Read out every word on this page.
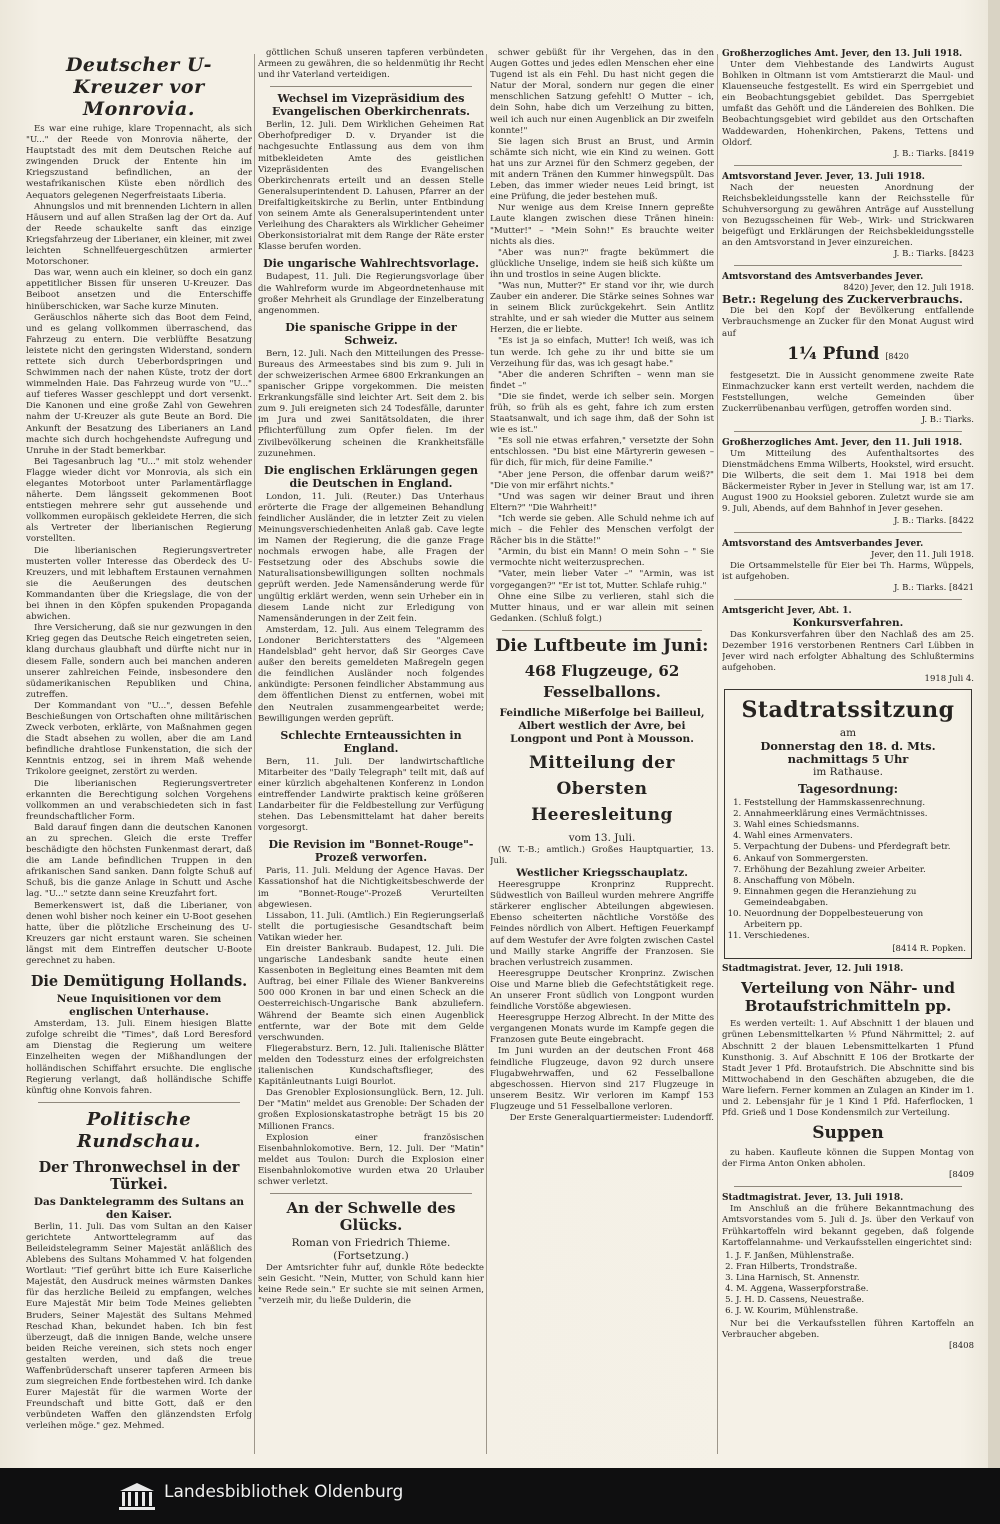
Deutscher U-Kreuzer vor Monrovia.

Es war eine ruhige, klare Tropennacht, als sich "U..." der Reede von Monrovia näherte, der Hauptstadt des mit dem Deutschen Reiche auf zwingenden Druck der Entente hin im Kriegszustand befindlichen, an der westafrikanischen Küste eben nördlich des Aequators gelegenen Negerfreistaats Liberia.

Ahnungslos und mit brennenden Lichtern in allen Häusern und auf allen Straßen lag der Ort da. Auf der Reede schaukelte sanft das einzige Kriegsfahrzeug der Liberianer, ein kleiner, mit zwei leichten Schnellfeuergeschützen armierter Motorschoner.

Das war, wenn auch ein kleiner, so doch ein ganz appetitlicher Bissen für unseren U-Kreuzer. Das Beiboot ansetzen und die Enterschiffe hinüberschicken, war Sache kurze Minuten.

Geräuschlos näherte sich das Boot dem Feind, und es gelang vollkommen überraschend, das Fahrzeug zu entern. Die verblüffte Besatzung leistete nicht den geringsten Widerstand, sondern rettete sich durch Ueberbordspringen und Schwimmen nach der nahen Küste, trotz der dort wimmelnden Haie. Das Fahrzeug wurde von "U..." auf tieferes Wasser geschleppt und dort versenkt. Die Kanonen und eine große Zahl von Gewehren nahm der U-Kreuzer als gute Beute an Bord. Die Ankunft der Besatzung des Liberianers an Land machte sich durch hochgehendste Aufregung und Unruhe in der Stadt bemerkbar.

Bei Tagesanbruch lag "U..." mit stolz wehender Flagge wieder dicht vor Monrovia, als sich ein elegantes Motorboot unter Parlamentärflagge näherte. Dem längsseit gekommenen Boot entstiegen mehrere sehr gut aussehende und vollkommen europäisch gekleidete Herren, die sich als Vertreter der liberianischen Regierung vorstellten.

Die liberianischen Regierungsvertreter musterten voller Interesse das Oberdeck des U-Kreuzers, und mit lebhaftem Erstaunen vernahmen sie die Aeußerungen des deutschen Kommandanten über die Kriegslage, die von der bei ihnen in den Köpfen spukenden Propaganda abwichen.

Ihre Versicherung, daß sie nur gezwungen in den Krieg gegen das Deutsche Reich eingetreten seien, klang durchaus glaubhaft und dürfte nicht nur in diesem Falle, sondern auch bei manchen anderen unserer zahlreichen Feinde, insbesondere den südamerikanischen Republiken und China, zutreffen.

Der Kommandant von "U...", dessen Befehle Beschießungen von Ortschaften ohne militärischen Zweck verboten, erklärte, von Maßnahmen gegen die Stadt absehen zu wollen, aber die am Land befindliche drahtlose Funkenstation, die sich der Kenntnis entzog, sei in ihrem Maß wehende Trikolore geeignet, zerstört zu werden.

Die liberianischen Regierungsvertreter erkannten die Berechtigung solchen Vorgehens vollkommen an und verabschiedeten sich in fast freundschaftlicher Form.

Bald darauf fingen dann die deutschen Kanonen an zu sprechen. Gleich die erste Treffer beschädigte den höchsten Funkenmast derart, daß die am Lande befindlichen Truppen in den afrikanischen Sand sanken. Dann folgte Schuß auf Schuß, bis die ganze Anlage in Schutt und Asche lag. "U..." setzte dann seine Kreuzfahrt fort.

Bemerkenswert ist, daß die Liberianer, von denen wohl bisher noch keiner ein U-Boot gesehen hatte, über die plötzliche Erscheinung des U-Kreuzers gar nicht erstaunt waren. Sie scheinen längst mit dem Eintreffen deutscher U-Boote gerechnet zu haben.

Die Demütigung Hollands.
Neue Inquisitionen vor dem englischen Unterhause.

Amsterdam, 13. Juli. Einem hiesigen Blatte zufolge schreibt die "Times", daß Lord Beresford am Dienstag die Regierung um weitere Einzelheiten wegen der Mißhandlungen der holländischen Schiffahrt ersuchte. Die englische Regierung verlangt, daß holländische Schiffe künftig ohne Konvois fahren.

Politische Rundschau.
Der Thronwechsel in der Türkei.
Das Danktelegramm des Sultans an den Kaiser.

Berlin, 11. Juli. Das vom Sultan an den Kaiser gerichtete Antworttelegramm auf das Beileidstelegramm Seiner Majestät anläßlich des Ablebens des Sultans Mohammed V. hat folgenden Wortlaut: "Tief gerührt bitte ich Eure Kaiserliche Majestät, den Ausdruck meines wärmsten Dankes für das herzliche Beileid zu empfangen, welches Eure Majestät Mir beim Tode Meines geliebten Bruders, Seiner Majestät des Sultans Mehmed Reschad Khan, bekundet haben. Ich bin fest überzeugt, daß die innigen Bande, welche unsere beiden Reiche vereinen, sich stets noch enger gestalten werden, und daß die treue Waffenbrüderschaft unserer tapferen Armeen bis zum siegreichen Ende fortbestehen wird. Ich danke Eurer Majestät für die warmen Worte der Freundschaft und bitte Gott, daß er den verbündeten Waffen den glänzendsten Erfolg verleihen möge." gez. Mehmed.

göttlichen Schuß unseren tapferen verbündeten Armeen zu gewähren, die so heldenmütig ihr Recht und ihr Vaterland verteidigen.

Wechsel im Vizepräsidium des Evangelischen Oberkirchenrats.

Berlin, 12. Juli. Dem Wirklichen Geheimen Rat Oberhofprediger D. v. Dryander ist die nachgesuchte Entlassung aus dem von ihm mitbekleideten Amte des geistlichen Vizepräsidenten des Evangelischen Oberkirchenrats erteilt und an dessen Stelle Generalsuperintendent D. Lahusen, Pfarrer an der Dreifaltigkeitskirche zu Berlin, unter Entbindung von seinem Amte als Generalsuperintendent unter Verleihung des Charakters als Wirklicher Geheimer Oberkonsistorialrat mit dem Range der Räte erster Klasse berufen worden.

Die ungarische Wahlrechtsvorlage.

Budapest, 11. Juli. Die Regierungsvorlage über die Wahlreform wurde im Abgeordnetenhause mit großer Mehrheit als Grundlage der Einzelberatung angenommen.

Die spanische Grippe in der Schweiz.

Bern, 12. Juli. Nach den Mitteilungen des Presse-Bureaus des Armeestabes sind bis zum 9. Juli in der schweizerischen Armee 6800 Erkrankungen an spanischer Grippe vorgekommen. Die meisten Erkrankungsfälle sind leichter Art. Seit dem 2. bis zum 9. Juli ereigneten sich 24 Todesfälle, darunter im Jura und zwei Sanitätsoldaten, die ihrer Pflichterfüllung zum Opfer fielen. Im der Zivilbevölkerung scheinen die Krankheitsfälle zuzunehmen.

Die englischen Erklärungen gegen die Deutschen in England.

London, 11. Juli. (Reuter.) Das Unterhaus erörterte die Frage der allgemeinen Behandlung feindlicher Ausländer, die in letzter Zeit zu vielen Meinungsverschiedenheiten Anlaß gab. Cave legte im Namen der Regierung, die die ganze Frage nochmals erwogen habe, alle Fragen der Festsetzung oder des Abschubs sowie die Naturalisationsbewilligungen sollten nochmals geprüft werden. Jede Namensänderung werde für ungültig erklärt werden, wenn sein Urheber ein in diesem Lande nicht zur Erledigung von Namensänderungen in der Zeit fein.

Amsterdam, 12. Juli. Aus einem Telegramm des Londoner Berichterstatters des "Algemeen Handelsblad" geht hervor, daß Sir Georges Cave außer den bereits gemeldeten Maßregeln gegen die feindlichen Ausländer noch folgendes ankündigte: Personen feindlicher Abstammung aus dem öffentlichen Dienst zu entfernen, wobei mit den Neutralen zusammengearbeitet werde; Bewilligungen werden geprüft.

Schlechte Ernteaussichten in England.

Bern, 11. Juli. Der landwirtschaftliche Mitarbeiter des "Daily Telegraph" teilt mit, daß auf einer kürzlich abgehaltenen Konferenz in London eintreffender Landwirte praktisch keine größeren Landarbeiter für die Feldbestellung zur Verfügung stehen. Das Lebensmittelamt hat daher bereits vorgesorgt.

Die Revision im "Bonnet-Rouge"-Prozeß verworfen.

Paris, 11. Juli. Meldung der Agence Havas. Der Kassationshof hat die Nichtigkeitsbeschwerde der im "Bonnet-Rouge"-Prozeß Verurteilten abgewiesen.

Lissabon, 11. Juli. (Amtlich.) Ein Regierungserlaß stellt die portugiesische Gesandtschaft beim Vatikan wieder her.

Ein dreister Bankraub. Budapest, 12. Juli. Die ungarische Landesbank sandte heute einen Kassenboten in Begleitung eines Beamten mit dem Auftrag, bei einer Filiale des Wiener Bankvereins 500 000 Kronen in bar und einen Scheck an die Oesterreichisch-Ungarische Bank abzuliefern. Während der Beamte sich einen Augenblick entfernte, war der Bote mit dem Gelde verschwunden.

Fliegerabsturz. Bern, 12. Juli. Italienische Blätter melden den Todessturz eines der erfolgreichsten italienischen Kundschaftsflieger, des Kapitänleutnants Luigi Bourlot.

Das Grenobler Explosionsunglück. Bern, 12. Juli. Der "Matin" meldet aus Grenoble: Der Schaden der großen Explosionskatastrophe beträgt 15 bis 20 Millionen Francs.

Explosion einer französischen Eisenbahnlokomotive. Bern, 12. Juli. Der "Matin" meldet aus Toulon: Durch die Explosion einer Eisenbahnlokomotive wurden etwa 20 Urlauber schwer verletzt.

An der Schwelle des Glücks.
Roman von Friedrich Thieme. (Fortsetzung.)

Der Amtsrichter fuhr auf, dunkle Röte bedeckte sein Gesicht. "Nein, Mutter, von Schuld kann hier keine Rede sein." Er suchte sie mit seinen Armen, "verzeih mir, du ließe Dulderin, die

schwer gebüßt für ihr Vergehen, das in den Augen Gottes und jedes edlen Menschen eher eine Tugend ist als ein Fehl. Du hast nicht gegen die Natur der Moral, sondern nur gegen die einer menschlichen Satzung gefehlt! O Mutter – ich, dein Sohn, habe dich um Verzeihung zu bitten, weil ich auch nur einen Augenblick an Dir zweifeln konnte!"

Sie lagen sich Brust an Brust, und Armin schämte sich nicht, wie ein Kind zu weinen. Gott hat uns zur Arznei für den Schmerz gegeben, der mit andern Tränen den Kummer hinwegspült. Das Leben, das immer wieder neues Leid bringt, ist eine Prüfung, die jeder bestehen muß.

Nur wenige aus dem Kreise Innern gepreßte Laute klangen zwischen diese Tränen hinein: "Mutter!" – "Mein Sohn!" Es brauchte weiter nichts als dies.

"Aber was nun?" fragte bekümmert die glückliche Unselige, indem sie heiß sich küßte um ihn und trostlos in seine Augen blickte.

"Was nun, Mutter?" Er stand vor ihr, wie durch Zauber ein anderer. Die Stärke seines Sohnes war in seinem Blick zurückgekehrt. Sein Antlitz strahlte, und er sah wieder die Mutter aus seinem Herzen, die er liebte.

"Es ist ja so einfach, Mutter! Ich weiß, was ich tun werde. Ich gehe zu ihr und bitte sie um Verzeihung für das, was ich gesagt habe."

"Aber die anderen Schriften – wenn man sie findet –"

"Die sie findet, werde ich selber sein. Morgen früh, so früh als es geht, fahre ich zum ersten Staatsanwalt, und ich sage ihm, daß der Sohn ist wie es ist."

"Es soll nie etwas erfahren," versetzte der Sohn entschlossen. "Du bist eine Märtyrerin gewesen – für dich, für mich, für deine Familie."

"Aber jene Person, die offenbar darum weiß?" "Die von mir erfährt nichts."

"Und was sagen wir deiner Braut und ihren Eltern?" "Die Wahrheit!"

"Ich werde sie geben. Alle Schuld nehme ich auf mich – die Fehler des Menschen verfolgt der Rächer bis in die Stätte!"

"Armin, du bist ein Mann! O mein Sohn – " Sie vermochte nicht weiterzusprechen.

"Vater, mein lieber Vater –" "Armin, was ist vorgegangen?" "Er ist tot, Mutter. Schlafe ruhig."

Ohne eine Silbe zu verlieren, stahl sich die Mutter hinaus, und er war allein mit seinen Gedanken. (Schluß folgt.)

Die Luftbeute im Juni:
468 Flugzeuge, 62 Fesselballons.
Feindliche Mißerfolge bei Bailleul, Albert westlich der Avre, bei Longpont und Pont à Mousson.
Mitteilung der Obersten Heeresleitung
vom 13. Juli.

(W. T.-B.; amtlich.) Großes Hauptquartier, 13. Juli.

Westlicher Kriegsschauplatz.

Heeresgruppe Kronprinz Rupprecht. Südwestlich von Bailleul wurden mehrere Angriffe stärkerer englischer Abteilungen abgewiesen. Ebenso scheiterten nächtliche Vorstöße des Feindes nördlich von Albert. Heftigen Feuerkampf auf dem Westufer der Avre folgten zwischen Castel und Mailly starke Angriffe der Franzosen. Sie brachen verlustreich zusammen.

Heeresgruppe Deutscher Kronprinz. Zwischen Oise und Marne blieb die Gefechtstätigkeit rege. An unserer Front südlich von Longpont wurden feindliche Vorstöße abgewiesen.

Heeresgruppe Herzog Albrecht. In der Mitte des vergangenen Monats wurde im Kampfe gegen die Franzosen gute Beute eingebracht.

Im Juni wurden an der deutschen Front 468 feindliche Flugzeuge, davon 92 durch unsere Flugabwehrwaffen, und 62 Fesselballone abgeschossen. Hiervon sind 217 Flugzeuge in unserem Besitz. Wir verloren im Kampf 153 Flugzeuge und 51 Fesselballone verloren.

Der Erste Generalquartiermeister: Ludendorff.

Großherzogliches Amt. Jever, den 13. Juli 1918.

Unter dem Viehbestande des Landwirts August Bohlken in Oltmann ist vom Amtstierarzt die Maul- und Klauenseuche festgestellt. Es wird ein Sperrgebiet und ein Beobachtungsgebiet gebildet. Das Sperrgebiet umfaßt das Gehöft und die Ländereien des Bohlken. Die Beobachtungsgebiet wird gebildet aus den Ortschaften Waddewarden, Hohenkirchen, Pakens, Tettens und Oldorf.

J. B.: Tiarks. [8419
Amtsvorstand Jever. Jever, 13. Juli 1918.

Nach der neuesten Anordnung der Reichsbekleidungsstelle kann der Reichsstelle für Schuhversorgung zu gewähren Anträge auf Ausstellung von Bezugsscheinen für Web-, Wirk- und Strickwaren beigefügt und Erklärungen der Reichsbekleidungsstelle an den Amtsvorstand in Jever einzureichen.

J. B.: Tiarks. [8423
Amtsvorstand des Amtsverbandes Jever.
8420) Jever, den 12. Juli 1918.
Betr.: Regelung des Zuckerverbrauchs.

Die bei den Kopf der Bevölkerung entfallende Verbrauchsmenge an Zucker für den Monat August wird auf

1¼ Pfund [8420

festgesetzt. Die in Aussicht genommene zweite Rate Einmachzucker kann erst verteilt werden, nachdem die Feststellungen, welche Gemeinden über Zuckerrübenanbau verfügen, getroffen worden sind.

J. B.: Tiarks.
Großherzogliches Amt. Jever, den 11. Juli 1918.

Um Mitteilung des Aufenthaltsortes des Dienstmädchens Emma Wilberts, Hookstel, wird ersucht. Die Wilberts, die seit dem 1. Mai 1918 bei dem Bäckermeister Ryber in Jever in Stellung war, ist am 17. August 1900 zu Hooksiel geboren. Zuletzt wurde sie am 9. Juli, Abends, auf dem Bahnhof in Jever gesehen.

J. B.: Tiarks. [8422
Amtsvorstand des Amtsverbandes Jever.
Jever, den 11. Juli 1918.

Die Ortsammelstelle für Eier bei Th. Harms, Wüppels, ist aufgehoben.

J. B.: Tiarks. [8421
Amtsgericht Jever, Abt. 1.
Konkursverfahren.

Das Konkursverfahren über den Nachlaß des am 25. Dezember 1916 verstorbenen Rentners Carl Lübben in Jever wird nach erfolgter Abhaltung des Schlußtermins aufgehoben.

1918 Juli 4.
Stadtratssitzung
am
Donnerstag den 18. d. Mts. nachmittags 5 Uhr
im Rathause.
Tagesordnung:
1. Feststellung der Hammskassenrechnung.
2. Annahmeerklärung eines Vermächtnisses.
3. Wahl eines Schiedsmanns.
4. Wahl eines Armenvaters.
5. Verpachtung der Dubens- und Pferdegraft betr.
6. Ankauf von Sommergersten.
7. Erhöhung der Bezahlung zweier Arbeiter.
8. Anschaffung von Möbeln.
9. Einnahmen gegen die Heranziehung zu Gemeindeabgaben.
10. Neuordnung der Doppelbesteuerung von Arbeitern pp.
11. Verschiedenes.
[8414 R. Popken.
Stadtmagistrat. Jever, 12. Juli 1918.
Verteilung von Nähr- und Brotaufstrichmitteln pp.

Es werden verteilt: 1. Auf Abschnitt 1 der blauen und grünen Lebensmittelkarten ½ Pfund Nährmittel; 2. auf Abschnitt 2 der blauen Lebensmittelkarten 1 Pfund Kunsthonig. 3. Auf Abschnitt E 106 der Brotkarte der Stadt Jever 1 Pfd. Brotaufstrich. Die Abschnitte sind bis Mittwochabend in den Geschäften abzugeben, die die Ware liefern. Ferner kommen an Zulagen an Kinder im 1. und 2. Lebensjahr für je 1 Kind 1 Pfd. Haferflocken, 1 Pfd. Grieß und 1 Dose Kondensmilch zur Verteilung.

Suppen

zu haben. Kaufleute können die Suppen Montag von der Firma Anton Onken abholen.

[8409
Stadtmagistrat. Jever, 13. Juli 1918.

Im Anschluß an die frühere Bekanntmachung des Amtsvorstandes vom 5. Juli d. Js. über den Verkauf von Frühkartoffeln wird bekannt gegeben, daß folgende Kartoffelannahme- und Verkaufsstellen eingerichtet sind:

1. J. F. Janßen, Mühlenstraße.
2. Fran Hilberts, Trondstraße.
3. Lina Harnisch, St. Annenstr.
4. M. Aggena, Wasserpforstraße.
5. J. H. D. Cassens, Neuestraße.
6. J. W. Kourim, Mühlenstraße.

Nur bei die Verkaufsstellen führen Kartoffeln an Verbraucher abgeben.

[8408
Landesbibliothek Oldenburg
